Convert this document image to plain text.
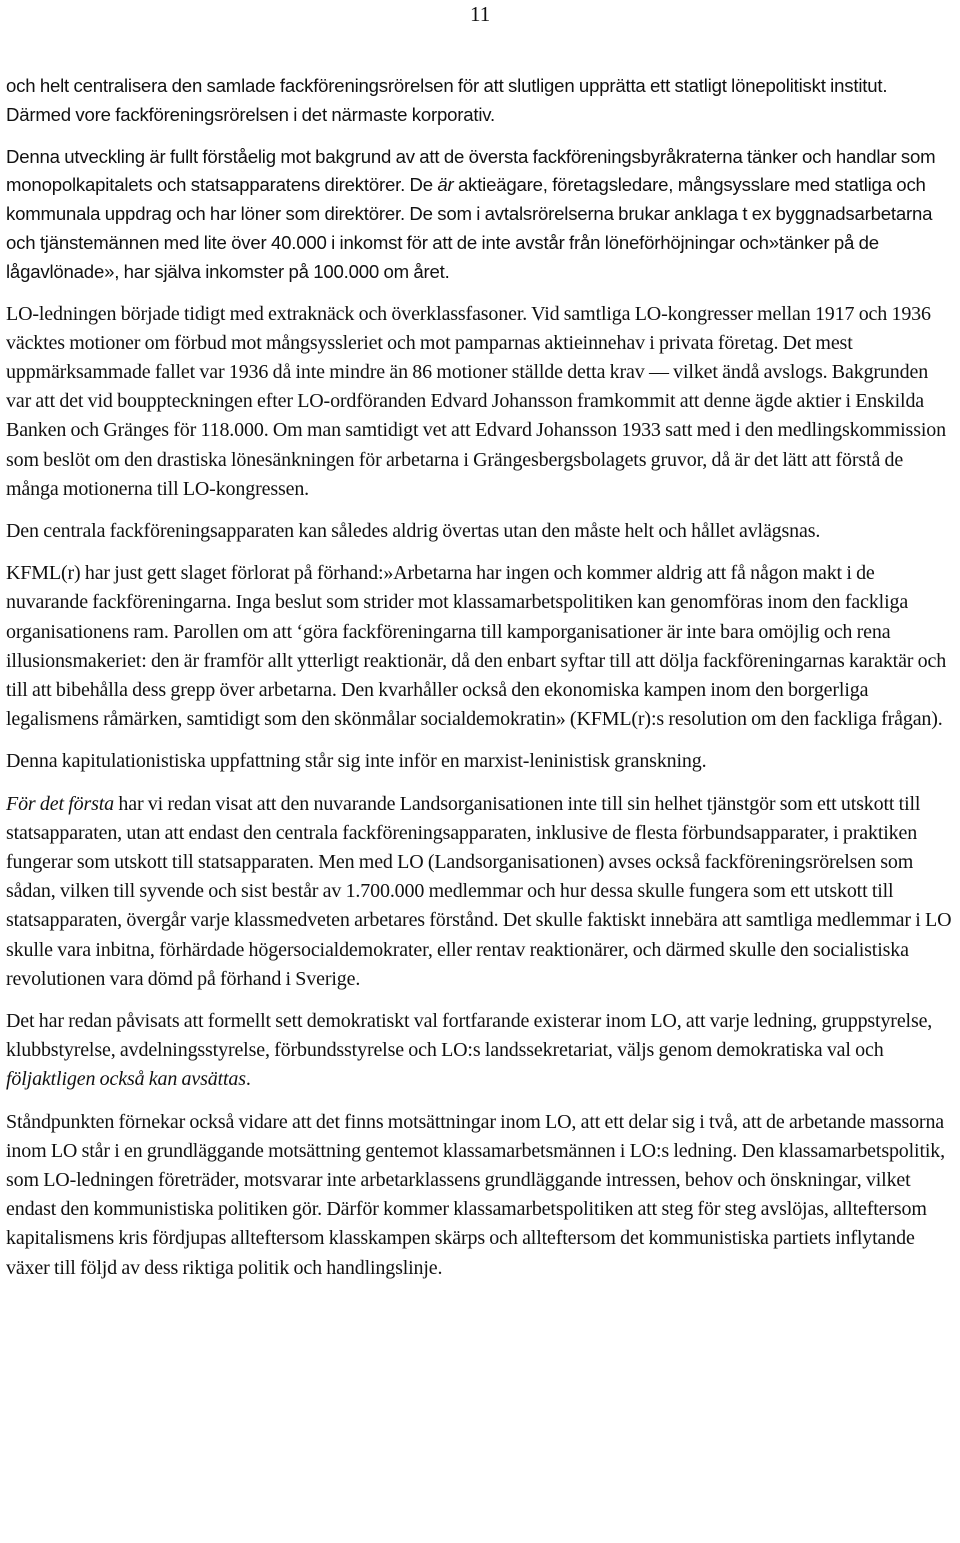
11

och helt centralisera den samlade fackföreningsrörelsen för att slutligen upprätta ett statligt lönepolitiskt institut. Därmed vore fackföreningsrörelsen i det närmaste korporativ.

Denna utveckling är fullt förståelig mot bakgrund av att de översta fackföreningsbyråkraterna tänker och handlar som monopolkapitalets och statsapparatens direktörer. De är aktieägare, företagsledare, mångsysslare med statliga och kommunala uppdrag och har löner som direktörer. De som i avtalsrörelserna brukar anklaga t ex byggnadsarbetarna och tjänstemännen med lite över 40.000 i inkomst för att de inte avstår från löneförhöjningar och»tänker på de lågavlönade», har själva inkomster på 100.000 om året.

LO-ledningen började tidigt med extraknäck och överklassfasoner. Vid samtliga LO-kongresser mellan 1917 och 1936 väcktes motioner om förbud mot mångsyssleriet och mot pamparnas aktieinnehav i privata företag. Det mest uppmärksammade fallet var 1936 då inte mindre än 86 motioner ställde detta krav — vilket ändå avslogs. Bakgrunden var att det vid bouppteckningen efter LO-ordföranden Edvard Johansson framkommit att denne ägde aktier i Enskilda Banken och Gränges för 118.000. Om man samtidigt vet att Edvard Johansson 1933 satt med i den medlingskommission som beslöt om den drastiska lönesänkningen för arbetarna i Grängesbergsbolagets gruvor, då är det lätt att förstå de många motionerna till LO-kongressen.

Den centrala fackföreningsapparaten kan således aldrig övertas utan den måste helt och hållet avlägsnas.

KFML(r) har just gett slaget förlorat på förhand:»Arbetarna har ingen och kommer aldrig att få någon makt i de nuvarande fackföreningarna. Inga beslut som strider mot klassamarbetspolitiken kan genomföras inom den fackliga organisationens ram. Parollen om att ‘göra fackföreningarna till kamporganisationer är inte bara omöjlig och rena illusionsmakeriet: den är framför allt ytterligt reaktionär, då den enbart syftar till att dölja fackföreningarnas karaktär och till att bibehålla dess grepp över arbetarna. Den kvarhåller också den ekonomiska kampen inom den borgerliga legalismens råmärken, samtidigt som den skönmålar socialdemokratin» (KFML(r):s resolution om den fackliga frågan).

Denna kapitulationistiska uppfattning står sig inte inför en marxist-leninistisk granskning.

För det första har vi redan visat att den nuvarande Landsorganisationen inte till sin helhet tjänstgör som ett utskott till statsapparaten, utan att endast den centrala fackföreningsapparaten, inklusive de flesta förbundsapparater, i praktiken fungerar som utskott till statsapparaten. Men med LO (Landsorganisationen) avses också fackföreningsrörelsen som sådan, vilken till syvende och sist består av 1.700.000 medlemmar och hur dessa skulle fungera som ett utskott till statsapparaten, övergår varje klassmedveten arbetares förstånd. Det skulle faktiskt innebära att samtliga medlemmar i LO skulle vara inbitna, förhärdade högersocialdemokrater, eller rentav reaktionärer, och därmed skulle den socialistiska revolutionen vara dömd på förhand i Sverige.

Det har redan påvisats att formellt sett demokratiskt val fortfarande existerar inom LO, att varje ledning, gruppstyrelse, klubbstyrelse, avdelningsstyrelse, förbundsstyrelse och LO:s landssekretariat, väljs genom demokratiska val och följaktligen också kan avsättas.

Ståndpunkten förnekar också vidare att det finns motsättningar inom LO, att ett delar sig i två, att de arbetande massorna inom LO står i en grundläggande motsättning gentemot klassamarbetsmännen i LO:s ledning. Den klassamarbetspolitik, som LO-ledningen företräder, motsvarar inte arbetarklassens grundläggande intressen, behov och önskningar, vilket endast den kommunistiska politiken gör. Därför kommer klassamarbetspolitiken att steg för steg avslöjas, allteftersom kapitalismens kris fördjupas allteftersom klasskampen skärps och allteftersom det kommunistiska partiets inflytande växer till följd av dess riktiga politik och handlingslinje.
